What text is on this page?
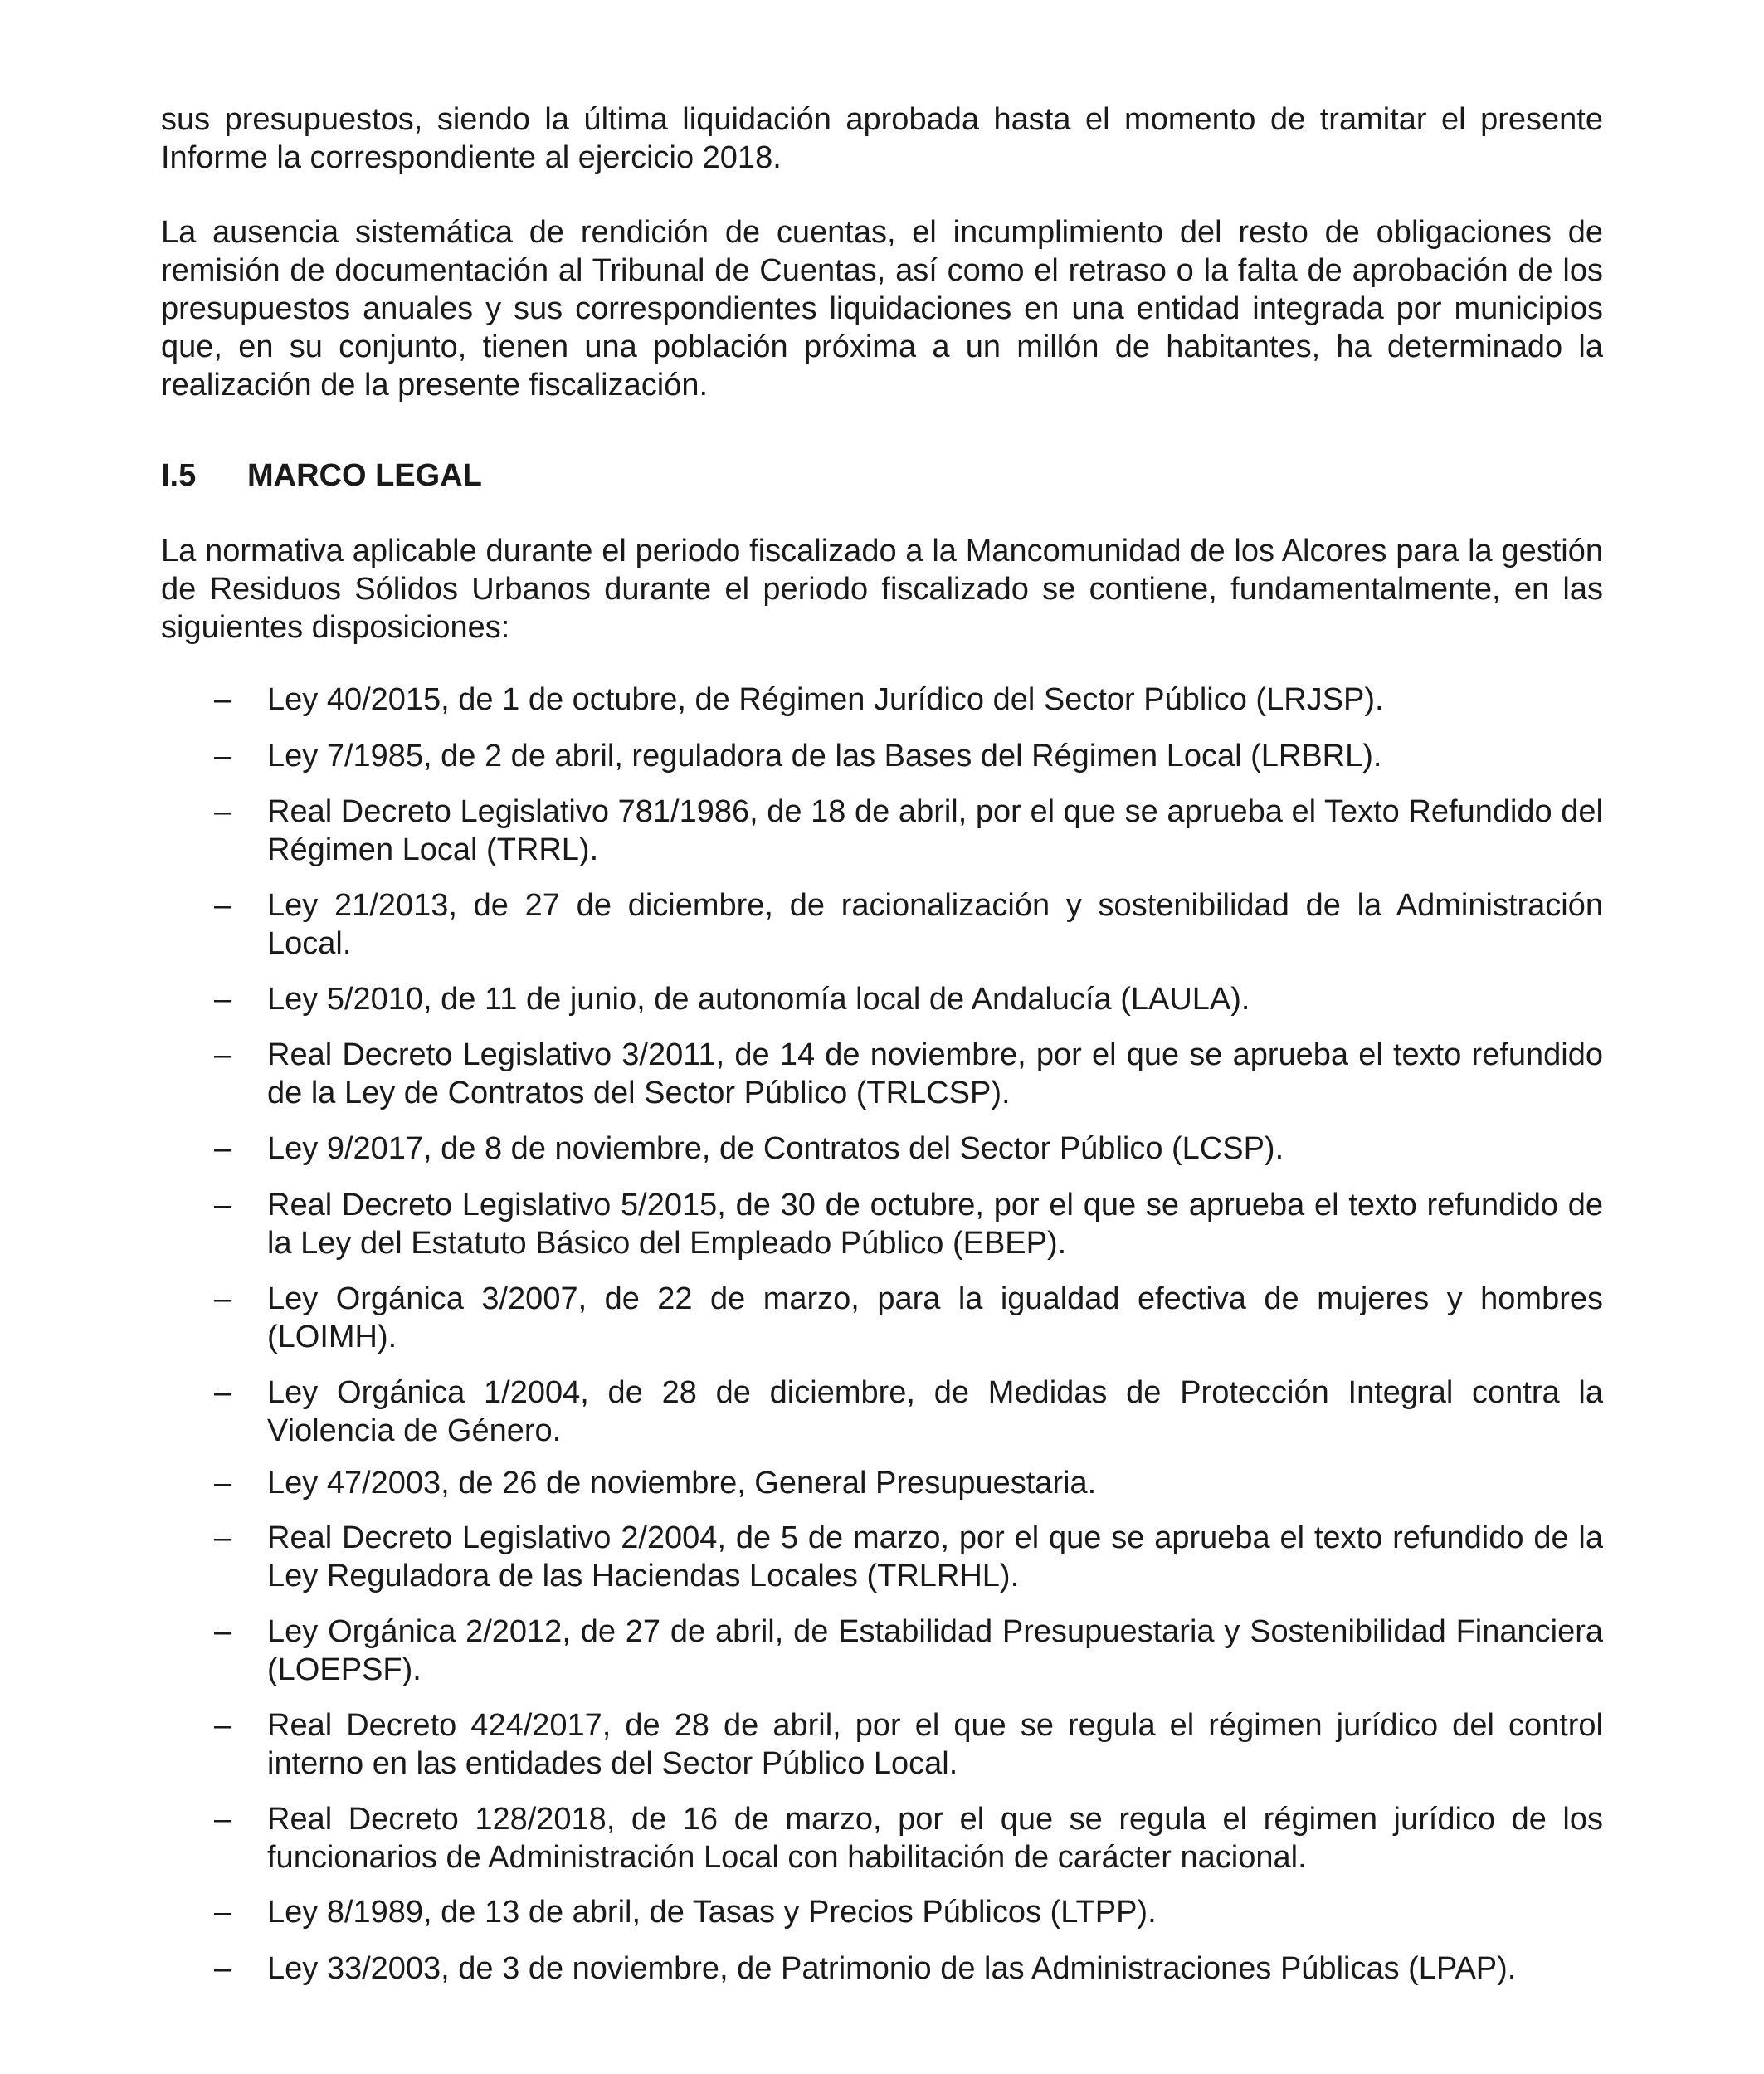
sus presupuestos, siendo la última liquidación aprobada hasta el momento de tramitar el presente Informe la correspondiente al ejercicio 2018.

La ausencia sistemática de rendición de cuentas, el incumplimiento del resto de obligaciones de remisión de documentación al Tribunal de Cuentas, así como el retraso o la falta de aprobación de los presupuestos anuales y sus correspondientes liquidaciones en una entidad integrada por municipios que, en su conjunto, tienen una población próxima a un millón de habitantes, ha determinado la realización de la presente fiscalización.

I.5 MARCO LEGAL

La normativa aplicable durante el periodo fiscalizado a la Mancomunidad de los Alcores para la gestión de Residuos Sólidos Urbanos durante el periodo fiscalizado se contiene, fundamentalmente, en las siguientes disposiciones:

–	Ley 40/2015, de 1 de octubre, de Régimen Jurídico del Sector Público (LRJSP).
–	Ley 7/1985, de 2 de abril, reguladora de las Bases del Régimen Local (LRBRL).
–	Real Decreto Legislativo 781/1986, de 18 de abril, por el que se aprueba el Texto Refundido del Régimen Local (TRRL).
–	Ley 21/2013, de 27 de diciembre, de racionalización y sostenibilidad de la Administración Local.
–	Ley 5/2010, de 11 de junio, de autonomía local de Andalucía (LAULA).
–	Real Decreto Legislativo 3/2011, de 14 de noviembre, por el que se aprueba el texto refundido de la Ley de Contratos del Sector Público (TRLCSP).
–	Ley 9/2017, de 8 de noviembre, de Contratos del Sector Público (LCSP).
–	Real Decreto Legislativo 5/2015, de 30 de octubre, por el que se aprueba el texto refundido de la Ley del Estatuto Básico del Empleado Público (EBEP).
–	Ley Orgánica 3/2007, de 22 de marzo, para la igualdad efectiva de mujeres y hombres (LOIMH).
–	Ley Orgánica 1/2004, de 28 de diciembre, de Medidas de Protección Integral contra la Violencia de Género.
–	Ley 47/2003, de 26 de noviembre, General Presupuestaria.
–	Real Decreto Legislativo 2/2004, de 5 de marzo, por el que se aprueba el texto refundido de la Ley Reguladora de las Haciendas Locales (TRLRHL).
–	Ley Orgánica 2/2012, de 27 de abril, de Estabilidad Presupuestaria y Sostenibilidad Financiera (LOEPSF).
–	Real Decreto 424/2017, de 28 de abril, por el que se regula el régimen jurídico del control interno en las entidades del Sector Público Local.
–	Real Decreto 128/2018, de 16 de marzo, por el que se regula el régimen jurídico de los funcionarios de Administración Local con habilitación de carácter nacional.
–	Ley 8/1989, de 13 de abril, de Tasas y Precios Públicos (LTPP).
–	Ley 33/2003, de 3 de noviembre, de Patrimonio de las Administraciones Públicas (LPAP).
